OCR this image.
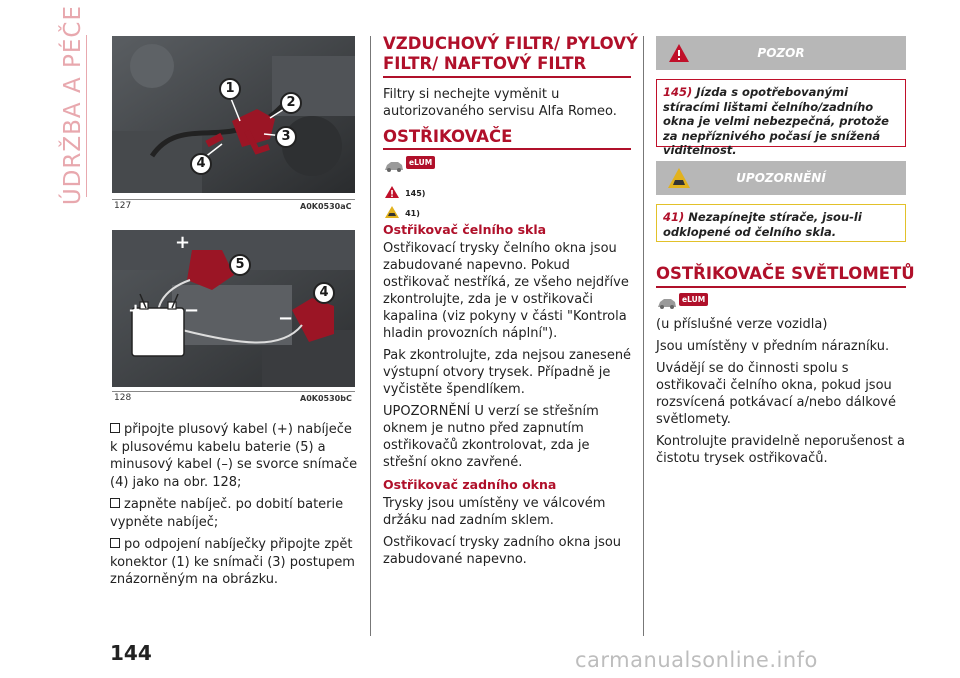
ÚDRŽBA A PÉČE	1
2
3
4
127	A0K0530aC
+ −
+
−
5
4
128	A0K0530bC

připojte plusový kabel (+) nabíječe k plusovému kabelu baterie (5) a minusový kabel (–) se svorce snímače (4) jako na obr. 128;

zapněte nabíječ. po dobití baterie vypněte nabíječ;

po odpojení nabíječky připojte zpět konektor (1) ke snímači (3) postupem znázorněným na obrázku.

VZDUCHOVÝ FILTR/ PYLOVÝ FILTR/ NAFTOVÝ FILTR
Filtry si nechejte vyměnit u autorizovaného servisu Alfa Romeo.
OSTŘIKOVAČE
eLUM
145)
41)

Ostřikovač čelního skla

Ostřikovací trysky čelního okna jsou zabudované napevno. Pokud ostřikovač nestříká, ze všeho nejdříve zkontrolujte, zda je v ostřikovači kapalina (viz pokyny v části "Kontrola hladin provozních náplní").

Pak zkontrolujte, zda nejsou zanesené výstupní otvory trysek. Případně je vyčistěte špendlíkem.

UPOZORNĚNÍ U verzí se střešním oknem je nutno před zapnutím ostřikovačů zkontrolovat, zda je střešní okno zavřené.

Ostřikovač zadního okna

Trysky jsou umístěny ve válcovém držáku nad zadním sklem.

Ostřikovací trysky zadního okna jsou zabudované napevno.

POZOR
145) Jízda s opotřebovanými stíracími lištami čelního/zadního okna je velmi nebezpečná, protože za nepříznivého počasí je snížená viditelnost.
UPOZORNĚNÍ
41) Nezapínejte stírače, jsou-li odklopené od čelního skla.
OSTŘIKOVAČE SVĚTLOMETŮ
eLUM

(u příslušné verze vozidla)

Jsou umístěny v předním nárazníku.

Uvádějí se do činnosti spolu s ostřikovači čelního okna, pokud jsou rozsvícená potkávací a/nebo dálkové světlomety.

Kontrolujte pravidelně neporušenost a čistotu trysek ostřikovačů.

144	carmanualsonline.info
